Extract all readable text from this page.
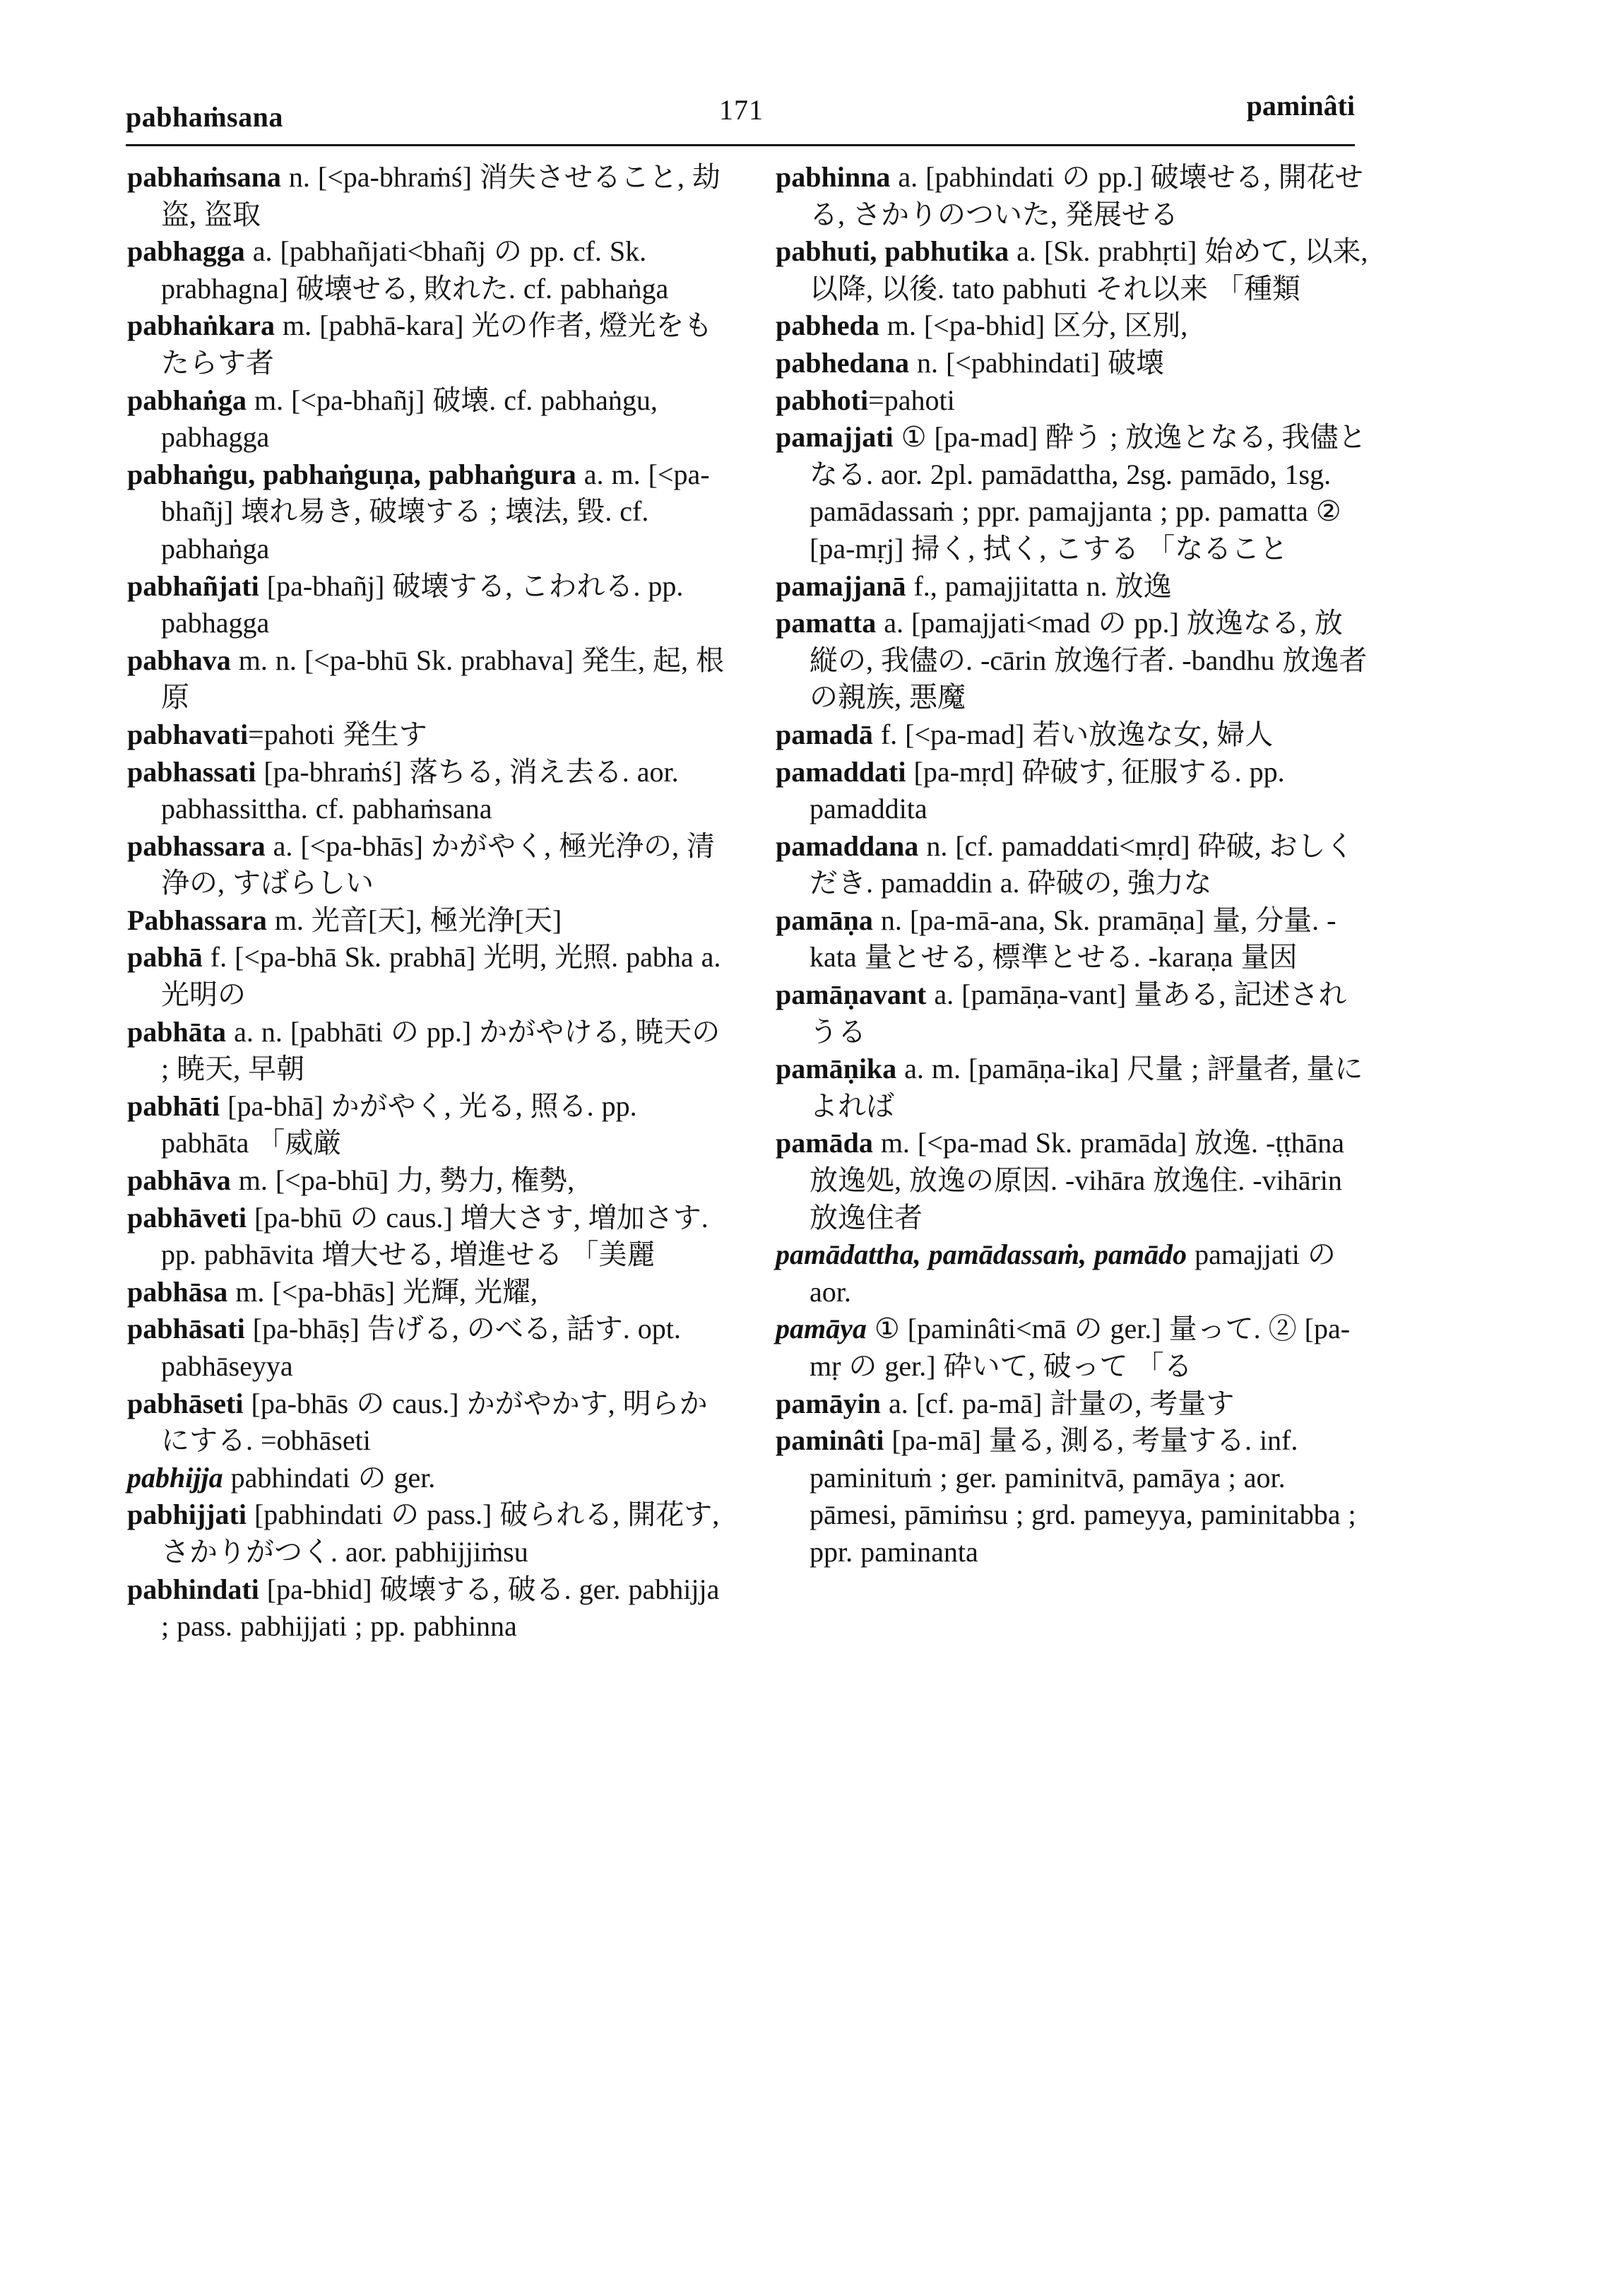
pabhaṁsana	171	paminâti

pabhaṁsana n. [<pa-bhraṁś] 消失させること, 劫盗, 盗取

pabhagga a. [pabhañjati<bhañj の pp. cf. Sk. prabhagna] 破壊せる, 敗れた. cf. pabhaṅga

pabhaṅkara m. [pabhā-kara] 光の作者, 燈光をもたらす者

pabhaṅga m. [<pa-bhañj] 破壊. cf. pabhaṅgu, pabhagga

pabhaṅgu, pabhaṅguṇa, pabhaṅgura a. m. [<pa-bhañj] 壊れ易き, 破壊する ; 壊法, 毀. cf. pabhaṅga

pabhañjati [pa-bhañj] 破壊する, こわれる. pp. pabhagga

pabhava m. n. [<pa-bhū Sk. prabhava] 発生, 起, 根原

pabhavati=pahoti 発生す

pabhassati [pa-bhraṁś] 落ちる, 消え去る. aor. pabhassittha. cf. pabhaṁsana

pabhassara a. [<pa-bhās] かがやく, 極光浄の, 清浄の, すばらしい

Pabhassara m. 光音[天], 極光浄[天]

pabhā f. [<pa-bhā Sk. prabhā] 光明, 光照. pabha a. 光明の

pabhāta a. n. [pabhāti の pp.] かがやける, 暁天の ; 暁天, 早朝

pabhāti [pa-bhā] かがやく, 光る, 照る. pp. pabhāta 「威厳

pabhāva m. [<pa-bhū] 力, 勢力, 権勢,

pabhāveti [pa-bhū の caus.] 増大さす, 増加さす. pp. pabhāvita 増大せる, 増進せる 「美麗

pabhāsa m. [<pa-bhās] 光輝, 光耀,

pabhāsati [pa-bhāṣ] 告げる, のべる, 話す. opt. pabhāseyya

pabhāseti [pa-bhās の caus.] かがやかす, 明らかにする. =obhāseti

pabhijja pabhindati の ger.

pabhijjati [pabhindati の pass.] 破られる, 開花す, さかりがつく. aor. pabhijjiṁsu

pabhindati [pa-bhid] 破壊する, 破る. ger. pabhijja ; pass. pabhijjati ; pp. pabhinna

pabhinna a. [pabhindati の pp.] 破壊せる, 開花せる, さかりのついた, 発展せる

pabhuti, pabhutika a. [Sk. prabhṛti] 始めて, 以来, 以降, 以後. tato pabhuti それ以来 「種類

pabheda m. [<pa-bhid] 区分, 区別,

pabhedana n. [<pabhindati] 破壊

pabhoti=pahoti

pamajjati ① [pa-mad] 酔う ; 放逸となる, 我儘となる. aor. 2pl. pamādattha, 2sg. pamādo, 1sg. pamādassaṁ ; ppr. pamajjanta ; pp. pamatta ② [pa-mṛj] 掃く, 拭く, こする 「なること

pamajjanā f., pamajjitatta n. 放逸

pamatta a. [pamajjati<mad の pp.] 放逸なる, 放縦の, 我儘の. -cārin 放逸行者. -bandhu 放逸者の親族, 悪魔

pamadā f. [<pa-mad] 若い放逸な女, 婦人

pamaddati [pa-mṛd] 砕破す, 征服する. pp. pamaddita

pamaddana n. [cf. pamaddati<mṛd] 砕破, おしくだき. pamaddin a. 砕破の, 強力な

pamāṇa n. [pa-mā-ana, Sk. pramāṇa] 量, 分量. -kata 量とせる, 標準とせる. -karaṇa 量因

pamāṇavant a. [pamāṇa-vant] 量ある, 記述されうる

pamāṇika a. m. [pamāṇa-ika] 尺量 ; 評量者, 量によれば

pamāda m. [<pa-mad Sk. pramāda] 放逸. -ṭṭhāna 放逸処, 放逸の原因. -vihāra 放逸住. -vihārin 放逸住者

pamādattha, pamādassaṁ, pamādo pamajjati の aor.

pamāya ① [paminâti<mā の ger.] 量って. ② [pa-mṛ の ger.] 砕いて, 破って 「る

pamāyin a. [cf. pa-mā] 計量の, 考量す

paminâti [pa-mā] 量る, 測る, 考量する. inf. paminituṁ ; ger. paminitvā, pamāya ; aor. pāmesi, pāmiṁsu ; grd. pameyya, paminitabba ; ppr. paminanta
